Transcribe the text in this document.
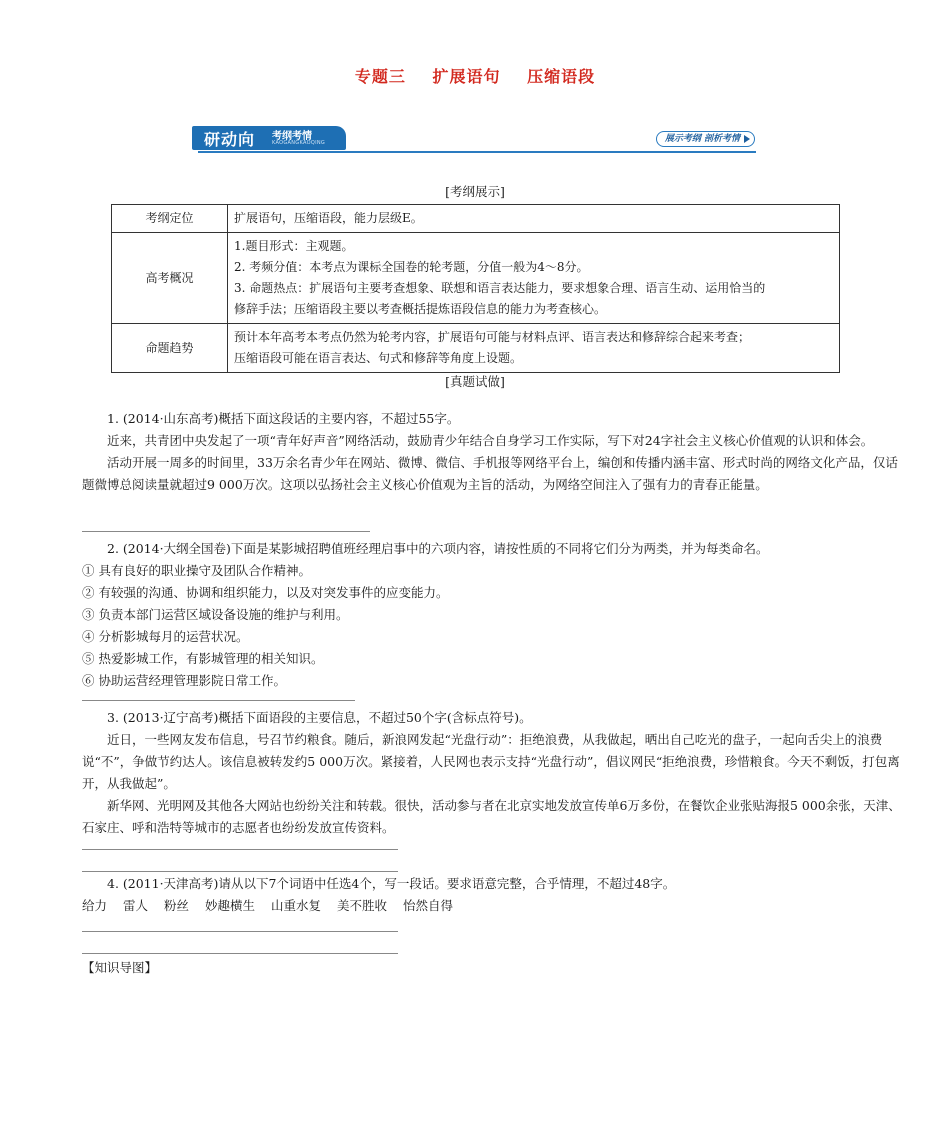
专题三 扩展语句 压缩语段
研动向 考纲考情
KAOGANGKAOQING	展示考纲 剖析考情
[考纲展示]
考纲定位	扩展语句，压缩语段，能力层级E。

高考概况	1.题目形式：主观题。
2. 考频分值：本考点为课标全国卷的轮考题，分值一般为4～8分。
3. 命题热点：扩展语句主要考查想象、联想和语言表达能力，要求想象合理、语言生动、运用恰当的
修辞手法；压缩语段主要以考查概括提炼语段信息的能力为考查核心。

命题趋势	预计本年高考本考点仍然为轮考内容，扩展语句可能与材料点评、语言表达和修辞综合起来考查；
压缩语段可能在语言表达、句式和修辞等角度上设题。
[真题试做]

1. (2014·山东高考)概括下面这段话的主要内容，不超过55字。

近来，共青团中央发起了一项“青年好声音”网络活动，鼓励青少年结合自身学习工作实际，写下对24字社会主义核心价值观的认识和体会。

活动开展一周多的时间里，33万余名青少年在网站、微博、微信、手机报等网络平台上，编创和传播内涵丰富、形式时尚的网络文化产品，仅话题微博总阅读量就超过9 000万次。这项以弘扬社会主义核心价值观为主旨的活动，为网络空间注入了强有力的青春正能量。

2. (2014·大纲全国卷)下面是某影城招聘值班经理启事中的六项内容，请按性质的不同将它们分为两类，并为每类命名。

① 具有良好的职业操守及团队合作精神。

② 有较强的沟通、协调和组织能力，以及对突发事件的应变能力。

③ 负责本部门运营区域设备设施的维护与利用。

④ 分析影城每月的运营状况。

⑤ 热爱影城工作，有影城管理的相关知识。

⑥ 协助运营经理管理影院日常工作。

3. (2013·辽宁高考)概括下面语段的主要信息，不超过50个字(含标点符号)。

近日，一些网友发布信息，号召节约粮食。随后，新浪网发起“光盘行动”：拒绝浪费，从我做起，晒出自己吃光的盘子，一起向舌尖上的浪费说“不”，争做节约达人。该信息被转发约5 000万次。紧接着，人民网也表示支持“光盘行动”，倡议网民“拒绝浪费，珍惜粮食。今天不剩饭，打包离开，从我做起”。

新华网、光明网及其他各大网站也纷纷关注和转载。很快，活动参与者在北京实地发放宣传单6万多份，在餐饮企业张贴海报5 000余张，天津、石家庄、呼和浩特等城市的志愿者也纷纷发放宣传资料。

4. (2011·天津高考)请从以下7个词语中任选4个，写一段话。要求语意完整，合乎情理，不超过48字。

给力 雷人 粉丝 妙趣横生 山重水复 美不胜收 怡然自得

【知识导图】
